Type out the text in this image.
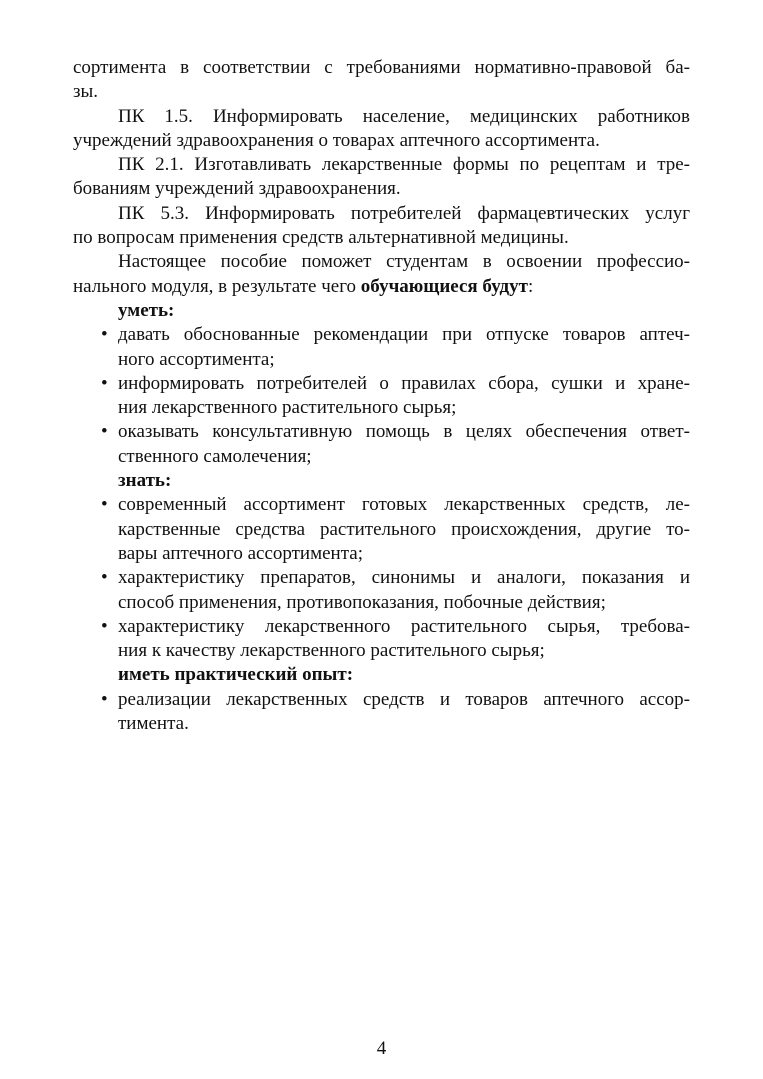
сортимента в соответствии с требованиями нормативно-правовой ба-
зы.
ПК 1.5. Информировать население, медицинских работников
учреждений здравоохранения о товарах аптечного ассортимента.
ПК 2.1. Изготавливать лекарственные формы по рецептам и тре-
бованиям учреждений здравоохранения.
ПК 5.3. Информировать потребителей фармацевтических услуг
по вопросам применения средств альтернативной медицины.
Настоящее пособие поможет студентам в освоении профессио-
нального модуля, в результате чего обучающиеся будут:
уметь:
• давать обоснованные рекомендации при отпуске товаров аптеч-
ного ассортимента;
• информировать потребителей о правилах сбора, сушки и хране-
ния лекарственного растительного сырья;
• оказывать консультативную помощь в целях обеспечения ответ-
ственного самолечения;
знать:
• современный ассортимент готовых лекарственных средств, ле-
карственные средства растительного происхождения, другие то-
вары аптечного ассортимента;
• характеристику препаратов, синонимы и аналоги, показания и
способ применения, противопоказания, побочные действия;
• характеристику лекарственного растительного сырья, требова-
ния к качеству лекарственного растительного сырья;
иметь практический опыт:
• реализации лекарственных средств и товаров аптечного ассор-
тимента.
4
